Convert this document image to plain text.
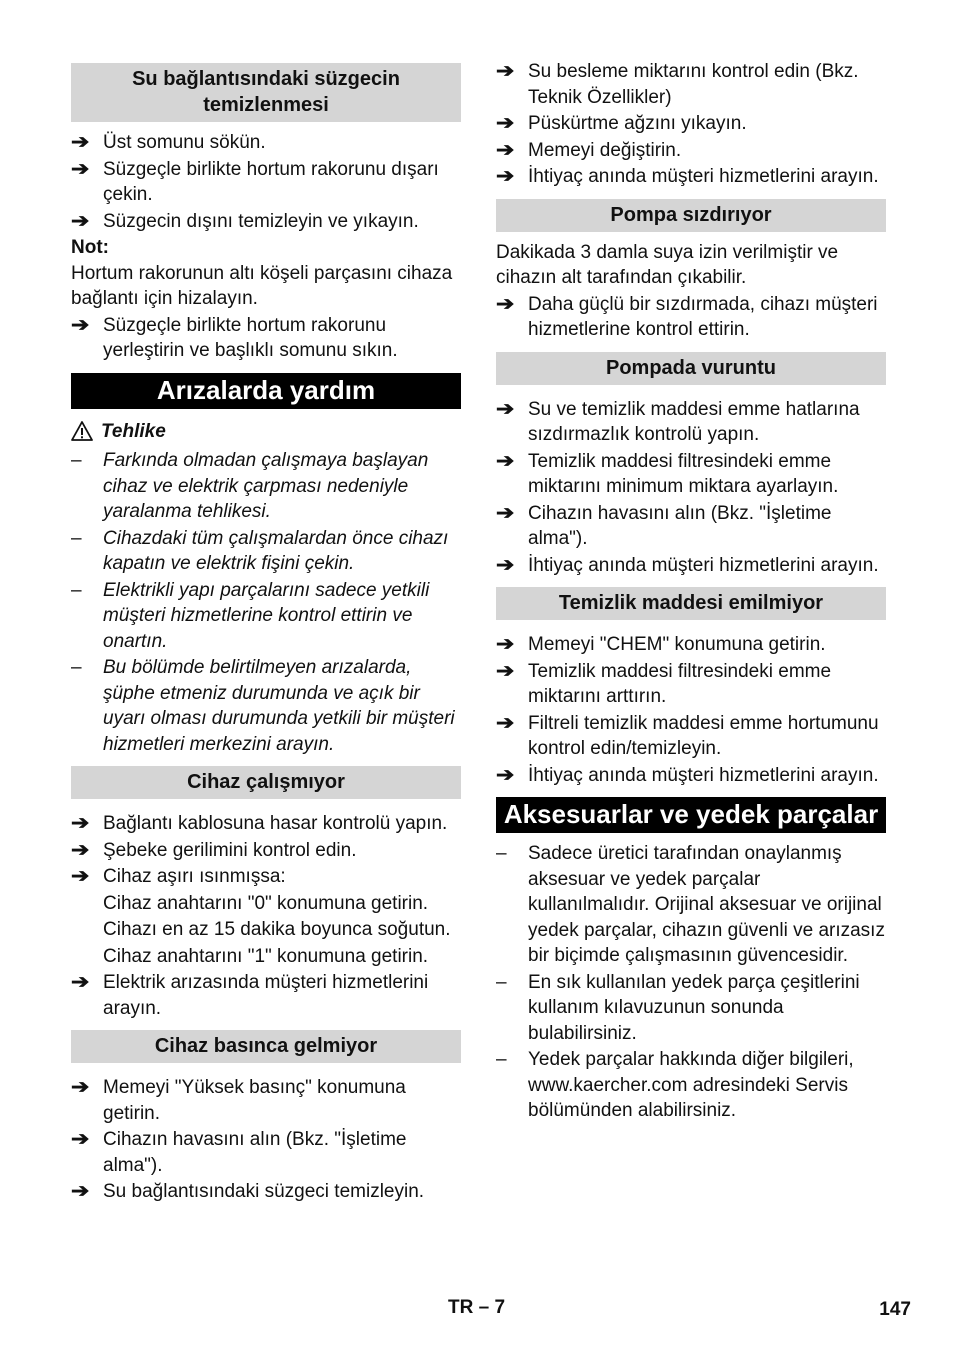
Su bağlantısındaki süzgecin temizlenmesi
➔ Üst somunu sökün.
➔ Süzgeçle birlikte hortum rakorunu dışarı çekin.
➔ Süzgecin dışını temizleyin ve yıkayın.
Not:
Hortum rakorunun altı köşeli parçasını cihaza bağlantı için hizalayın.
➔ Süzgeçle birlikte hortum rakorunu yerleştirin ve başlıklı somunu sıkın.
Arızalarda yardım
Tehlike
–	Farkında olmadan çalışmaya başlayan cihaz ve elektrik çarpması nedeniyle yaralanma tehlikesi.
–	Cihazdaki tüm çalışmalardan önce cihazı kapatın ve elektrik fişini çekin.
–	Elektrikli yapı parçalarını sadece yetkili müşteri hizmetlerine kontrol ettirin ve onartın.
–	Bu bölümde belirtilmeyen arızalarda, şüphe etmeniz durumunda ve açık bir uyarı olması durumunda yetkili bir müşteri hizmetleri merkezini arayın.
Cihaz çalışmıyor
➔ Bağlantı kablosuna hasar kontrolü yapın.
➔ Şebeke gerilimini kontrol edin.
➔ Cihaz aşırı ısınmışsa:
Cihaz anahtarını "0" konumuna getirin.
Cihazı en az 15 dakika boyunca soğutun.
Cihaz anahtarını "1" konumuna getirin.
➔ Elektrik arızasında müşteri hizmetlerini arayın.
Cihaz basınca gelmiyor
➔ Memeyi "Yüksek basınç" konumuna getirin.
➔ Cihazın havasını alın (Bkz. "İşletime alma").
➔ Su bağlantısındaki süzgeci temizleyin.
➔ Su besleme miktarını kontrol edin (Bkz. Teknik Özellikler)
➔ Püskürtme ağzını yıkayın.
➔ Memeyi değiştirin.
➔ İhtiyaç anında müşteri hizmetlerini arayın.
Pompa sızdırıyor
Dakikada 3 damla suya izin verilmiştir ve cihazın alt tarafından çıkabilir.
➔ Daha güçlü bir sızdırmada, cihazı müşteri hizmetlerine kontrol ettirin.
Pompada vuruntu
➔ Su ve temizlik maddesi emme hatlarına sızdırmazlık kontrolü yapın.
➔ Temizlik maddesi filtresindeki emme miktarını minimum miktara ayarlayın.
➔ Cihazın havasını alın (Bkz. "İşletime alma").
➔ İhtiyaç anında müşteri hizmetlerini arayın.
Temizlik maddesi emilmiyor
➔ Memeyi "CHEM" konumuna getirin.
➔ Temizlik maddesi filtresindeki emme miktarını arttırın.
➔ Filtreli temizlik maddesi emme hortumunu kontrol edin/temizleyin.
➔ İhtiyaç anında müşteri hizmetlerini arayın.
Aksesuarlar ve yedek parçalar
–	Sadece üretici tarafından onaylanmış aksesuar ve yedek parçalar kullanılmalıdır. Orijinal aksesuar ve orijinal yedek parçalar, cihazın güvenli ve arızasız bir biçimde çalışmasının güvencesidir.
–	En sık kullanılan yedek parça çeşitlerini kullanım kılavuzunun sonunda bulabilirsiniz.
–	Yedek parçalar hakkında diğer bilgileri, www.kaercher.com adresindeki Servis bölümünden alabilirsiniz.
TR – 7	147
